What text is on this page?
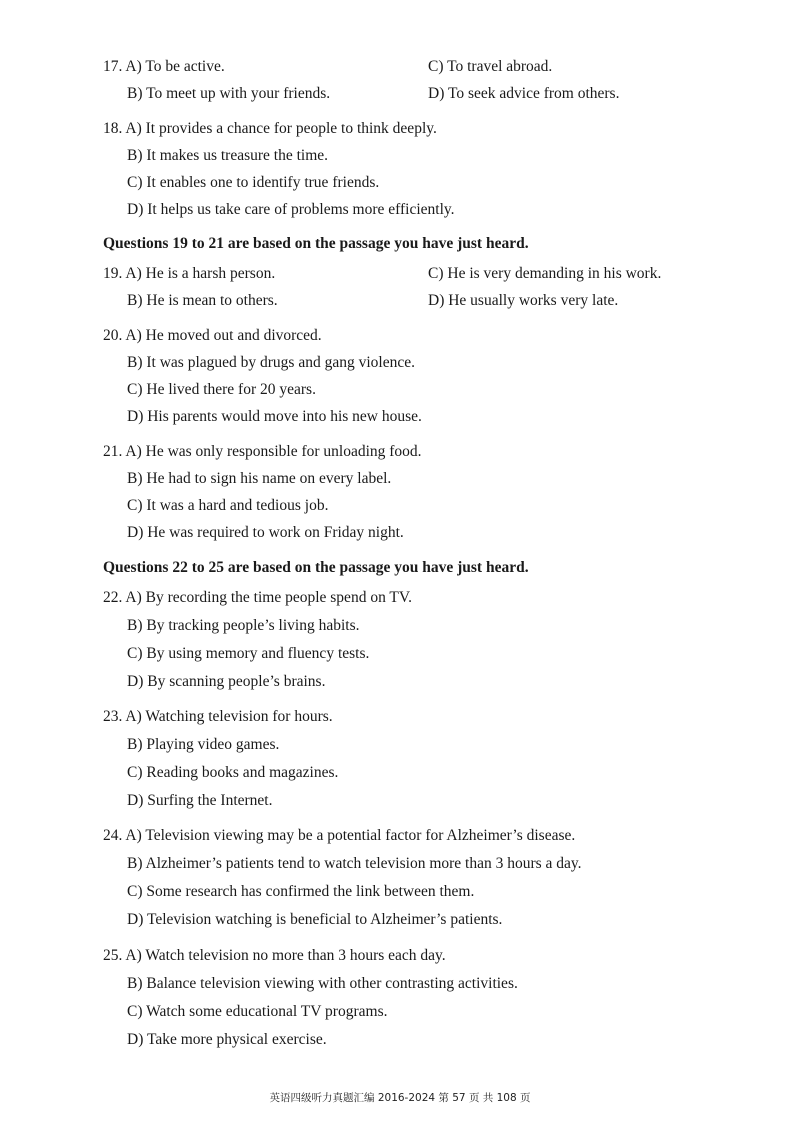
17. A) To be active.	C) To travel abroad.
B) To meet up with your friends.	D) To seek advice from others.
18. A) It provides a chance for people to think deeply.
B) It makes us treasure the time.
C) It enables one to identify true friends.
D) It helps us take care of problems more efficiently.
Questions 19 to 21 are based on the passage you have just heard.
19. A) He is a harsh person.	C) He is very demanding in his work.
B) He is mean to others.	D) He usually works very late.
20. A) He moved out and divorced.
B) It was plagued by drugs and gang violence.
C) He lived there for 20 years.
D) His parents would move into his new house.
21. A) He was only responsible for unloading food.
B) He had to sign his name on every label.
C) It was a hard and tedious job.
D) He was required to work on Friday night.
Questions 22 to 25 are based on the passage you have just heard.
22. A) By recording the time people spend on TV.
B) By tracking people’s living habits.
C) By using memory and fluency tests.
D) By scanning people’s brains.
23. A) Watching television for hours.
B) Playing video games.
C) Reading books and magazines.
D) Surfing the Internet.
24. A) Television viewing may be a potential factor for Alzheimer’s disease.
B) Alzheimer’s patients tend to watch television more than 3 hours a day.
C) Some research has confirmed the link between them.
D) Television watching is beneficial to Alzheimer’s patients.
25. A) Watch television no more than 3 hours each day.
B) Balance television viewing with other contrasting activities.
C) Watch some educational TV programs.
D) Take more physical exercise.
英语四级听力真题汇编 2016-2024 第 57 页 共 108 页
